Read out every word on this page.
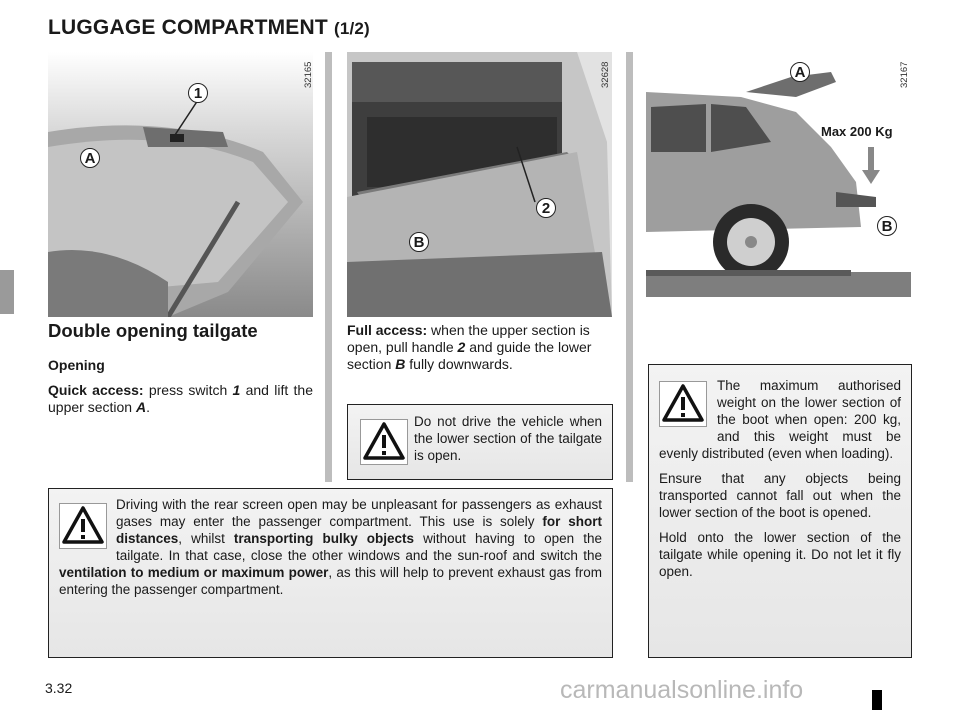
LUGGAGE COMPARTMENT (1/2)
1
A
32165
2
B
32628
Max 200 Kg
A
B
32167
Double opening tailgate
Opening
Quick access: press switch 1 and lift the upper section A.
Full access: when the upper section is open, pull handle 2 and guide the lower section B fully downwards.
Do not drive the vehicle when the lower section of the tailgate is open.
Driving with the rear screen open may be unpleasant for passengers as exhaust gases may enter the passenger compartment. This use is solely for short distances, whilst transporting bulky objects without having to open the tailgate. In that case, close the other windows and the sun-roof and switch the ventilation to medium or maximum power, as this will help to prevent exhaust gas from entering the passenger compartment.
The maximum authorised weight on the lower section of the boot when open: 200 kg, and this weight must be evenly distributed (even when loading).

Ensure that any objects being transported cannot fall out when the lower section of the boot is opened.

Hold onto the lower section of the tailgate while opening it. Do not let it fly open.

3.32	carmanualsonline.info
